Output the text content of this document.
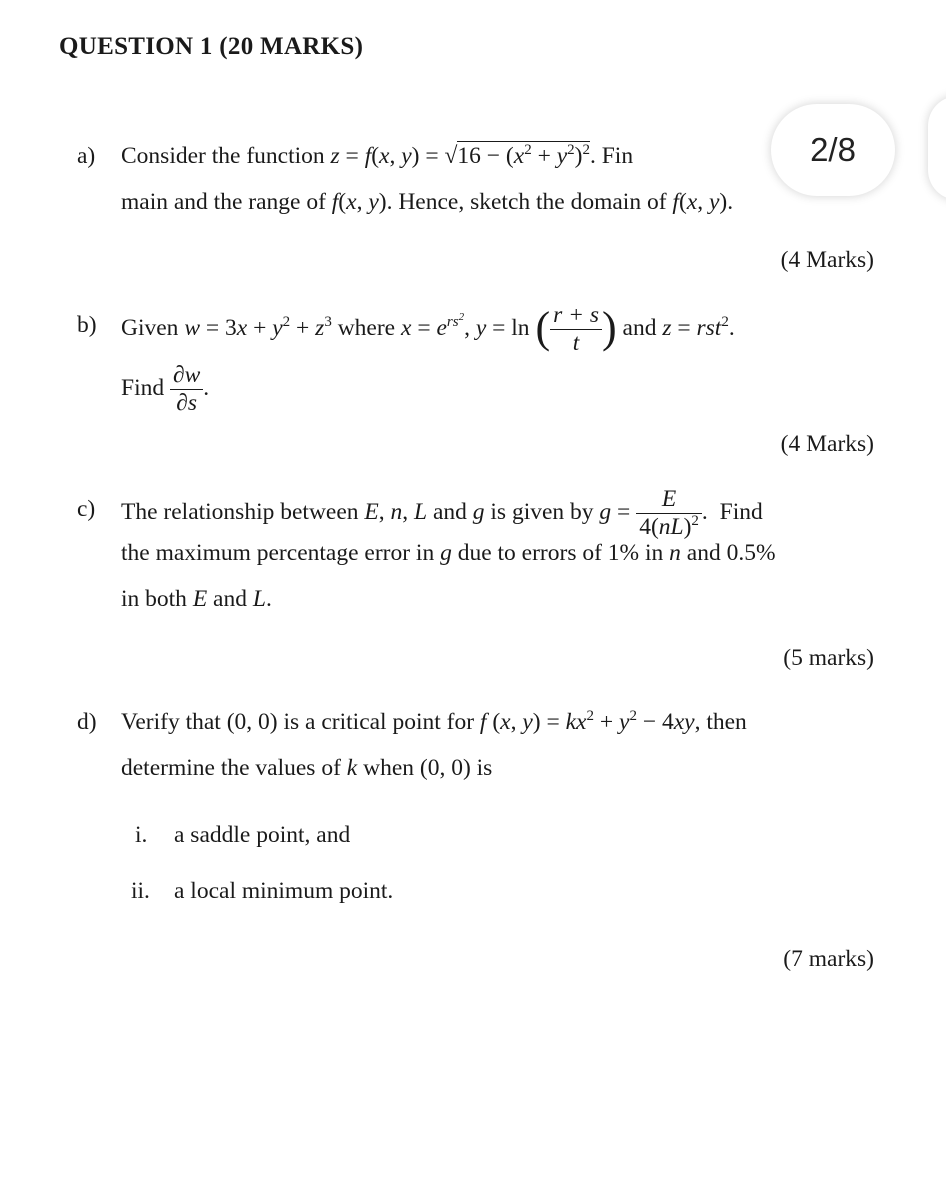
QUESTION 1 (20 MARKS)
a) Consider the function z = f(x, $y) = √16 - (x^2 + y^2)^2$. Fin
main and the range of f(x, y). Hence, sketch the domain of f(x, y).
(4 Marks)
b) Given $w = 3x + y^2 + z^3$ where $x = e^{rs^2}$, y = ln ( $\frac{r + s}{t}$ ) and z = rst$^2$.
Find $\frac{\partial w}{\partial s}$ .
(4 Marks)
c) The relationship between E, n, L and g is given by $g = \frac{E}{4(nL)^2}$ . Find
the maximum percentage error in g due to errors of 1% in n and 0.5%
in both E and L.
(5 marks)
d) Verify that (0, 0) is a critical point for f (x, $y) = kx^2 + y^2 - 4xy$, then
determine the values of k when (0, 0) is
i. a saddle point, and
ii. a local minimum point.
(7 marks)
2/8
